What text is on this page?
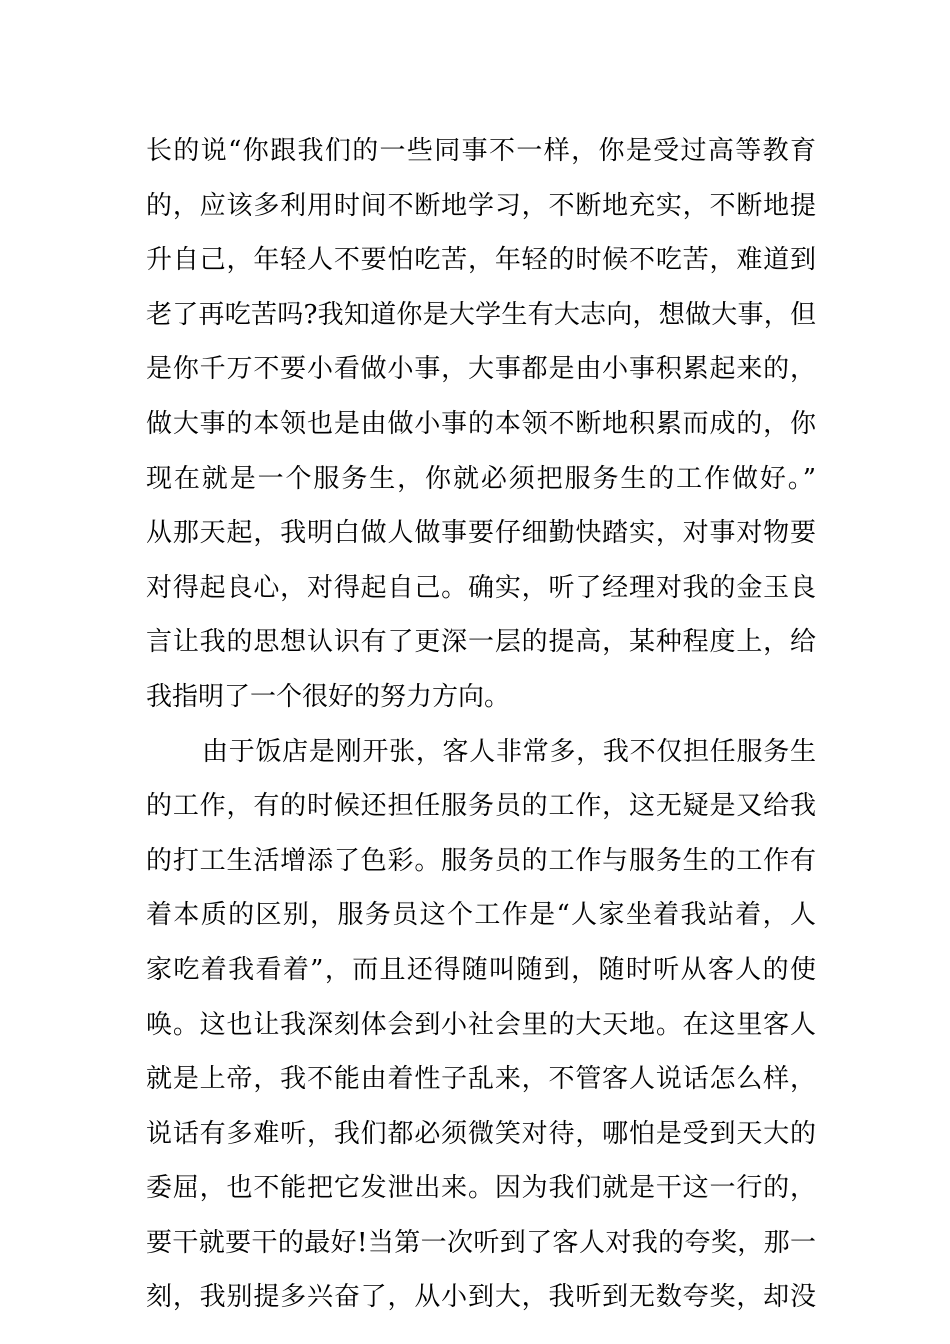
长的说“你跟我们的一些同事不一样，你是受过高等教育
的，应该多利用时间不断地学习，不断地充实，不断地提
升自己，年轻人不要怕吃苦，年轻的时候不吃苦，难道到
老了再吃苦吗?我知道你是大学生有大志向，想做大事，但
是你千万不要小看做小事，大事都是由小事积累起来的，
做大事的本领也是由做小事的本领不断地积累而成的，你
现在就是一个服务生，你就必须把服务生的工作做好。”
从那天起，我明白做人做事要仔细勤快踏实，对事对物要
对得起良心，对得起自己。确实，听了经理对我的金玉良
言让我的思想认识有了更深一层的提高，某种程度上，给
我指明了一个很好的努力方向。
由于饭店是刚开张，客人非常多，我不仅担任服务生
的工作，有的时候还担任服务员的工作，这无疑是又给我
的打工生活增添了色彩。服务员的工作与服务生的工作有
着本质的区别，服务员这个工作是“人家坐着我站着，人
家吃着我看着”，而且还得随叫随到，随时听从客人的使
唤。这也让我深刻体会到小社会里的大天地。在这里客人
就是上帝，我不能由着性子乱来，不管客人说话怎么样，
说话有多难听，我们都必须微笑对待，哪怕是受到天大的
委屈，也不能把它发泄出来。因为我们就是干这一行的，
要干就要干的最好!当第一次听到了客人对我的夸奖，那一
刻，我别提多兴奋了，从小到大，我听到无数夸奖，却没
